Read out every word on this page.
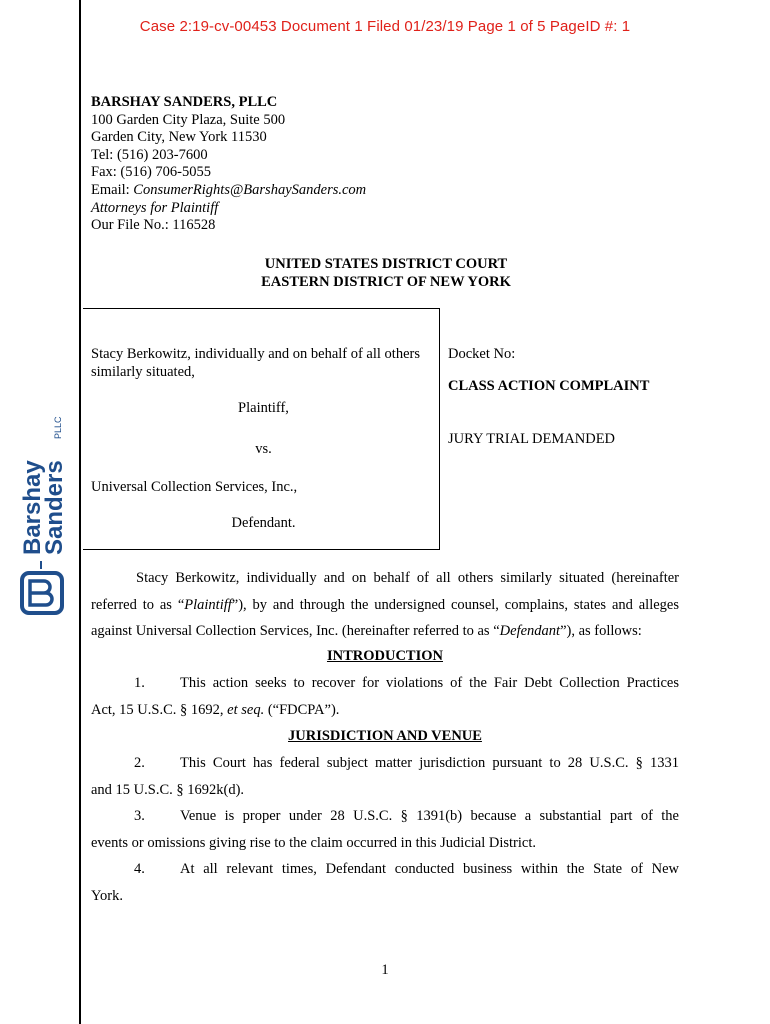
Case 2:19-cv-00453 Document 1 Filed 01/23/19 Page 1 of 5 PageID #: 1
Barshay
Sanders
PLLC
BARSHAY SANDERS, PLLC
100 Garden City Plaza, Suite 500
Garden City, New York 11530
Tel: (516) 203-7600
Fax: (516) 706-5055
Email: ConsumerRights@BarshaySanders.com
Attorneys for Plaintiff
Our File No.: 116528
UNITED STATES DISTRICT COURT
EASTERN DISTRICT OF NEW YORK
Stacy Berkowitz, individually and on behalf of all others
similarly situated,
Plaintiff,
vs.
Universal Collection Services, Inc.,
Defendant.
Docket No:
CLASS ACTION COMPLAINT
JURY TRIAL DEMANDED
Stacy Berkowitz, individually and on behalf of all others similarly situated (hereinafter referred to as “Plaintiff”), by and through the undersigned counsel, complains, states and alleges against Universal Collection Services, Inc. (hereinafter referred to as “Defendant”), as follows:
INTRODUCTION
1. This action seeks to recover for violations of the Fair Debt Collection Practices
Act, 15 U.S.C. § 1692, et seq. (“FDCPA”).
JURISDICTION AND VENUE
2. This Court has federal subject matter jurisdiction pursuant to 28 U.S.C. § 1331
and 15 U.S.C. § 1692k(d).
3. Venue is proper under 28 U.S.C. § 1391(b) because a substantial part of the
events or omissions giving rise to the claim occurred in this Judicial District.
4. At all relevant times, Defendant conducted business within the State of New
York.
1
